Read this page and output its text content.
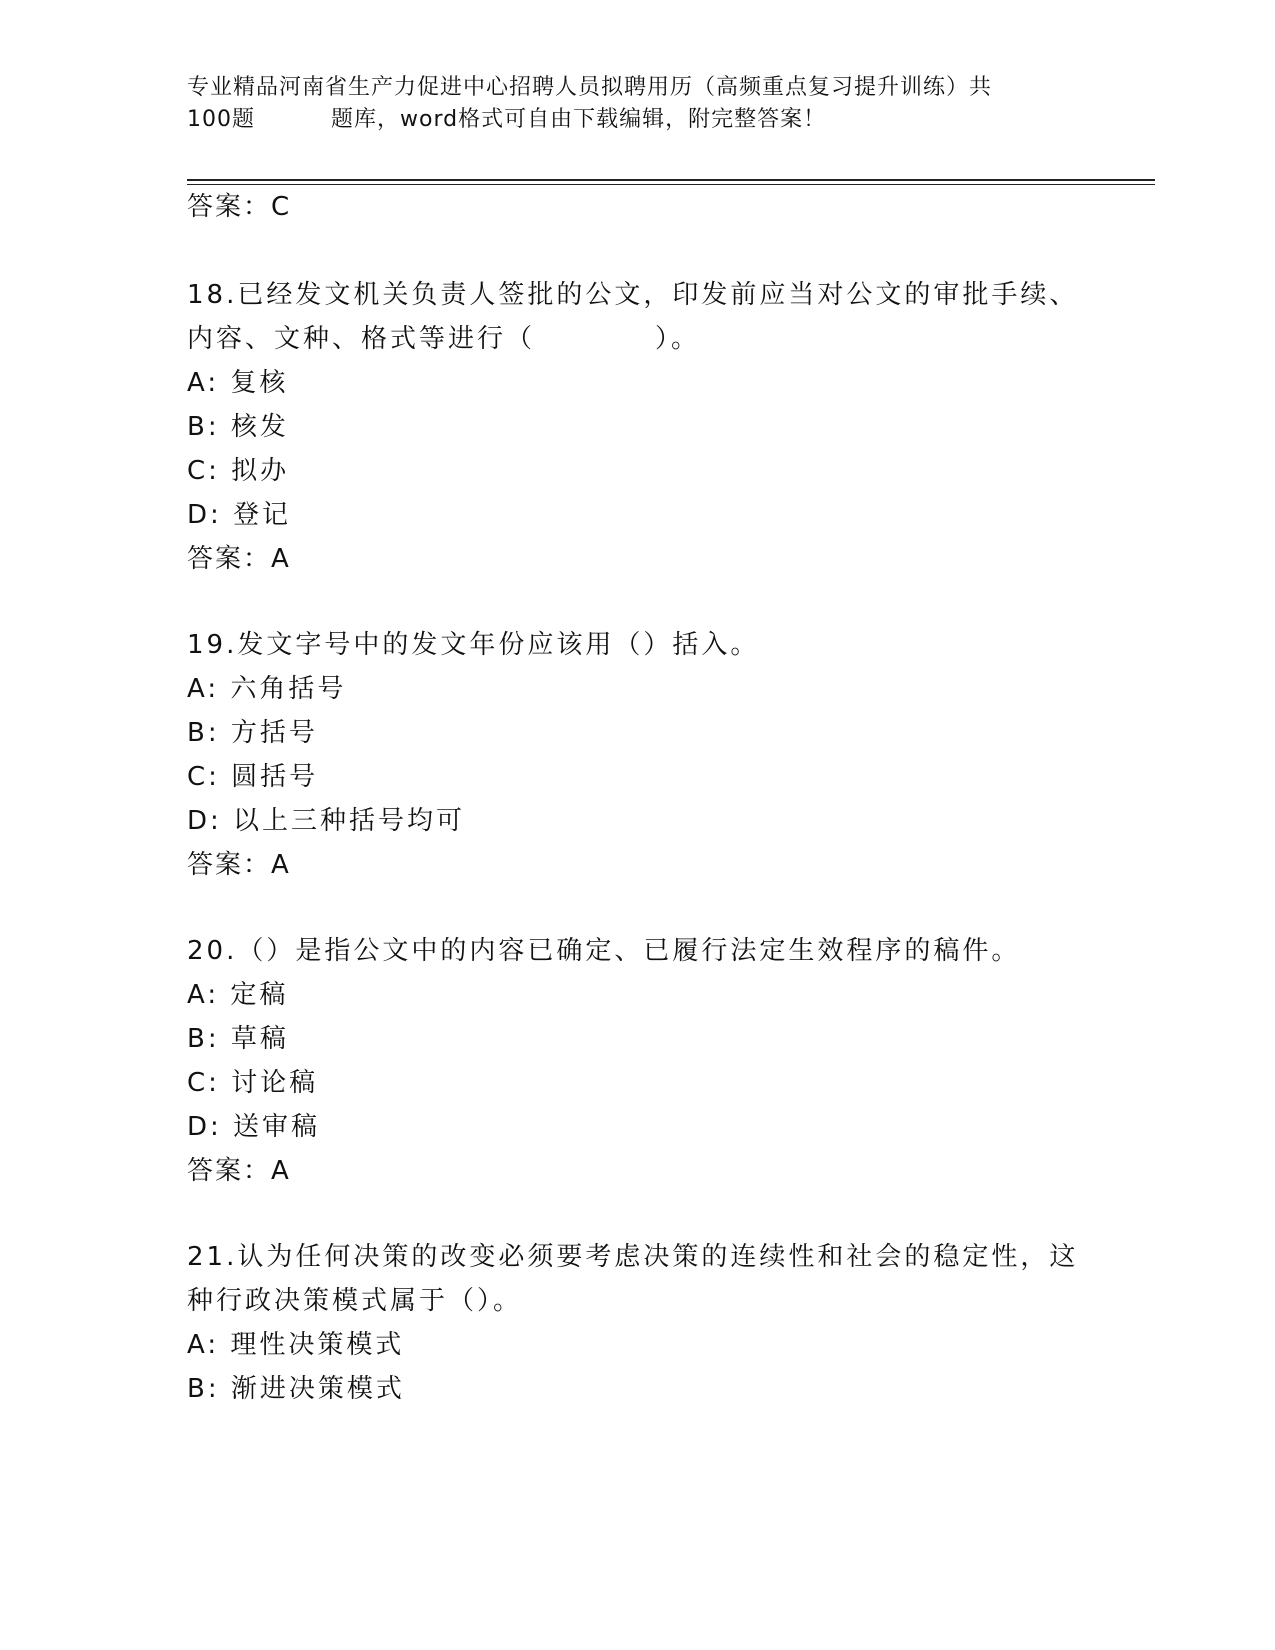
专业精品河南省生产力促进中心招聘人员拟聘用历（高频重点复习提升训练）共
100题	题库，word格式可自由下载编辑，附完整答案！
答案：C
18.已经发文机关负责人签批的公文，印发前应当对公文的审批手续、
内容、文种、格式等进行（	）。
A: 复核
B: 核发
C: 拟办
D: 登记
答案：A
19.发文字号中的发文年份应该用（）括入。
A: 六角括号
B: 方括号
C: 圆括号
D: 以上三种括号均可
答案：A
20.（）是指公文中的内容已确定、已履行法定生效程序的稿件。
A: 定稿
B: 草稿
C: 讨论稿
D: 送审稿
答案：A
21.认为任何决策的改变必须要考虑决策的连续性和社会的稳定性，这
种行政决策模式属于（）。
A: 理性决策模式
B: 渐进决策模式
